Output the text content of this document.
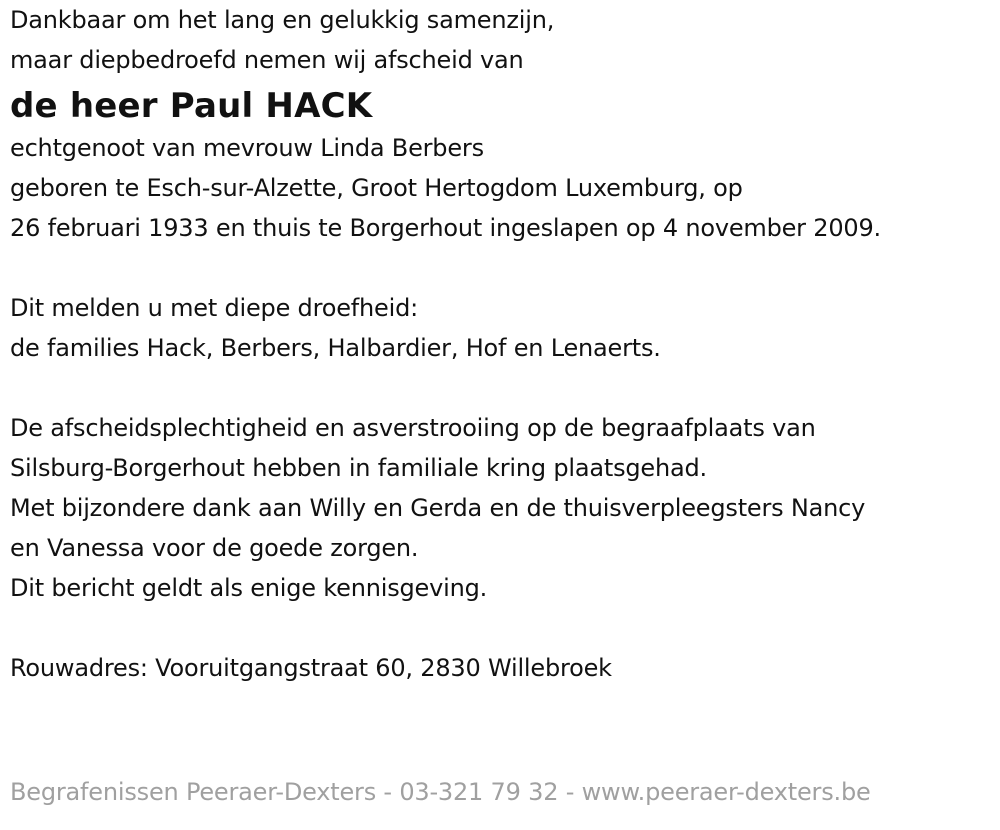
Dankbaar om het lang en gelukkig samenzijn,
maar diepbedroefd nemen wij afscheid van
de heer Paul HACK
echtgenoot van mevrouw Linda Berbers
geboren te Esch-sur-Alzette, Groot Hertogdom Luxemburg, op
26 februari 1933 en thuis te Borgerhout ingeslapen op 4 november 2009.
Dit melden u met diepe droefheid:
de families Hack, Berbers, Halbardier, Hof en Lenaerts.
De afscheidsplechtigheid en asverstrooiing op de begraafplaats van
Silsburg-Borgerhout hebben in familiale kring plaatsgehad.
Met bijzondere dank aan Willy en Gerda en de thuisverpleegsters Nancy
en Vanessa voor de goede zorgen.
Dit bericht geldt als enige kennisgeving.
Rouwadres: Vooruitgangstraat 60, 2830 Willebroek
Begrafenissen Peeraer-Dexters - 03-321 79 32 - www.peeraer-dexters.be
